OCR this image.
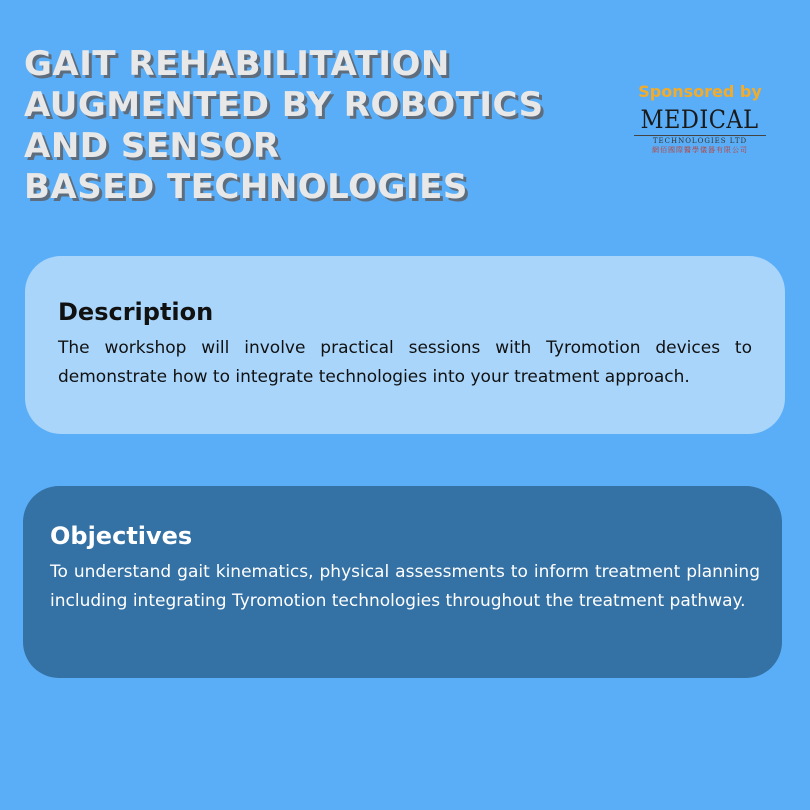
GAIT REHABILITATION
AUGMENTED BY ROBOTICS
AND SENSOR
BASED TECHNOLOGIES
Sponsored by
MEDICAL
TECHNOLOGIES LTD
網佰國際醫學儀器有限公司
Description

The workshop will involve practical sessions with Tyromotion devices to demonstrate how to integrate technologies into your treatment approach.

Objectives

To understand gait kinematics, physical assessments to inform treatment planning including integrating Tyromotion technologies throughout the treatment pathway.
